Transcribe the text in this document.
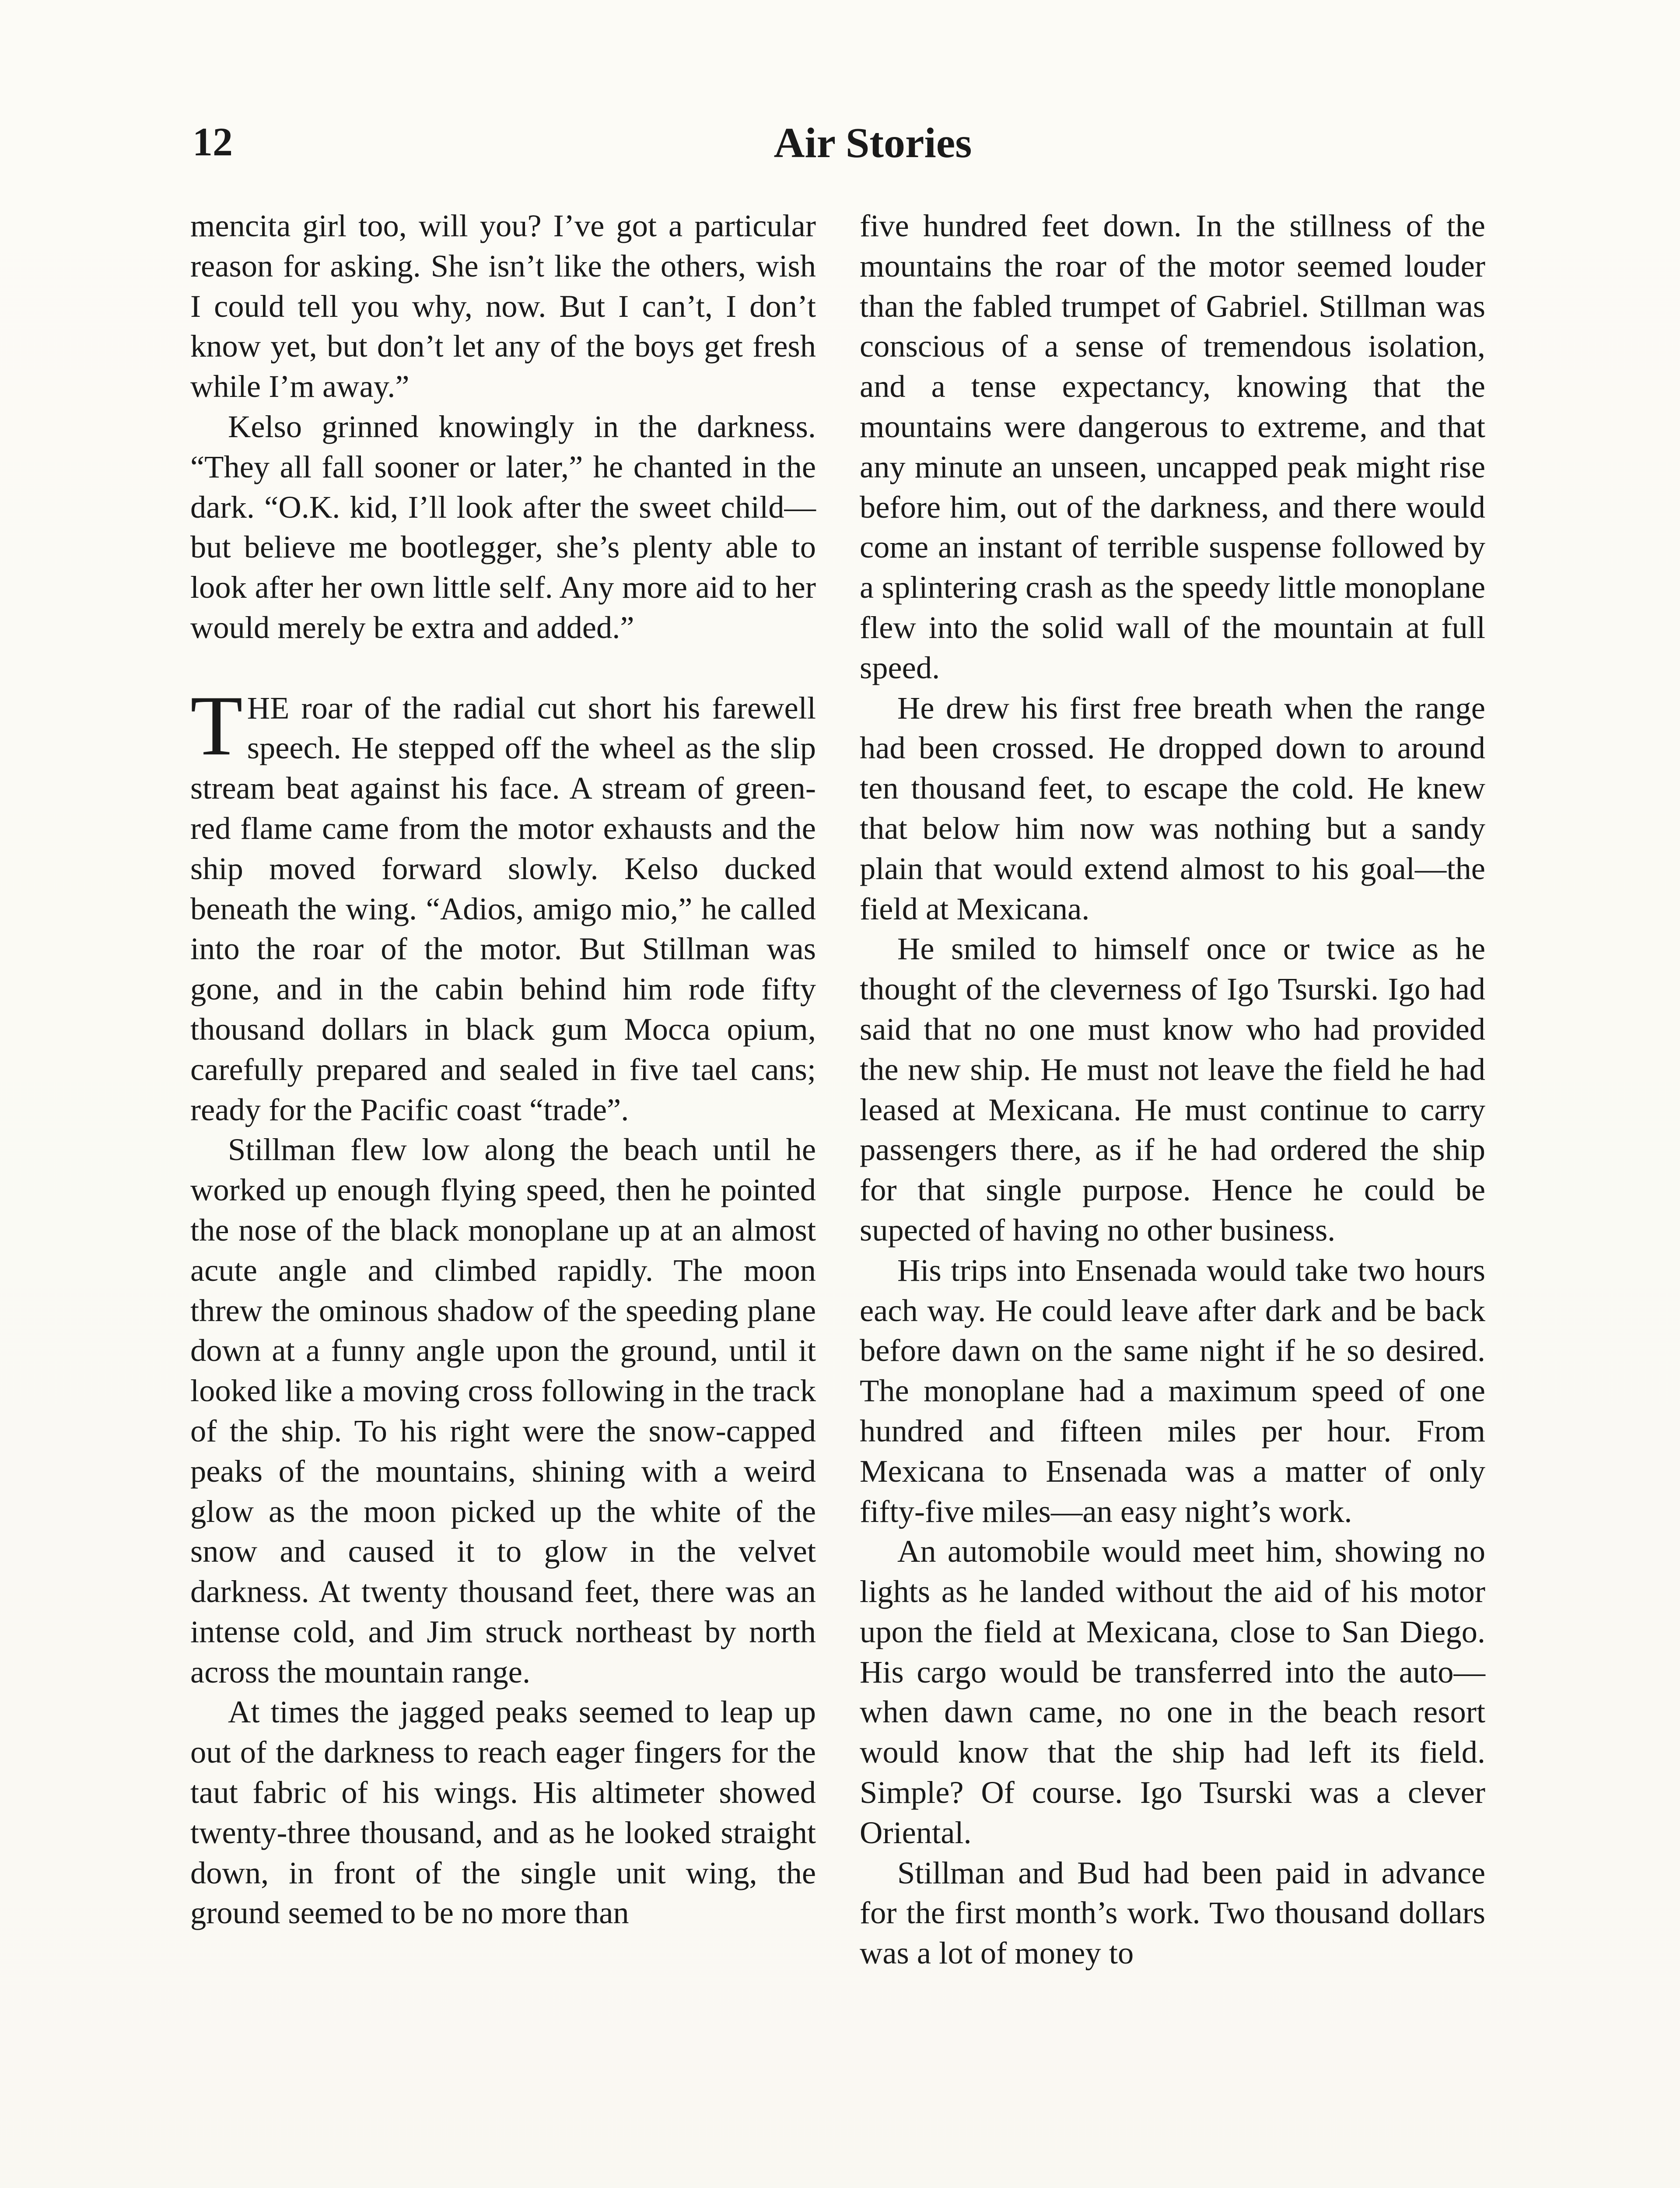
12	Air Stories

mencita girl too, will you? I’ve got a particular reason for asking. She isn’t like the others, wish I could tell you why, now. But I can’t, I don’t know yet, but don’t let any of the boys get fresh while I’m away.”

Kelso grinned knowingly in the darkness. “They all fall sooner or later,” he chanted in the dark. “O.K. kid, I’ll look after the sweet child—but believe me bootlegger, she’s plenty able to look after her own little self. Any more aid to her would merely be extra and added.”

THE roar of the radial cut short his farewell speech. He stepped off the wheel as the slip stream beat against his face. A stream of green-red flame came from the motor exhausts and the ship moved forward slowly. Kelso ducked beneath the wing. “Adios, amigo mio,” he called into the roar of the motor. But Stillman was gone, and in the cabin behind him rode fifty thousand dollars in black gum Mocca opium, carefully prepared and sealed in five tael cans; ready for the Pacific coast “trade”.

Stillman flew low along the beach until he worked up enough flying speed, then he pointed the nose of the black monoplane up at an almost acute angle and climbed rapidly. The moon threw the ominous shadow of the speeding plane down at a funny angle upon the ground, until it looked like a moving cross following in the track of the ship. To his right were the snow-capped peaks of the mountains, shining with a weird glow as the moon picked up the white of the snow and caused it to glow in the velvet darkness. At twenty thousand feet, there was an intense cold, and Jim struck northeast by north across the mountain range.

At times the jagged peaks seemed to leap up out of the darkness to reach eager fingers for the taut fabric of his wings. His altimeter showed twenty-three thousand, and as he looked straight down, in front of the single unit wing, the ground seemed to be no more than

five hundred feet down. In the stillness of the mountains the roar of the motor seemed louder than the fabled trumpet of Gabriel. Stillman was conscious of a sense of tremendous isolation, and a tense expectancy, knowing that the mountains were dangerous to extreme, and that any minute an unseen, uncapped peak might rise before him, out of the darkness, and there would come an instant of terrible suspense followed by a splintering crash as the speedy little monoplane flew into the solid wall of the mountain at full speed.

He drew his first free breath when the range had been crossed. He dropped down to around ten thousand feet, to escape the cold. He knew that below him now was nothing but a sandy plain that would extend almost to his goal—the field at Mexicana.

He smiled to himself once or twice as he thought of the cleverness of Igo Tsurski. Igo had said that no one must know who had provided the new ship. He must not leave the field he had leased at Mexicana. He must continue to carry passengers there, as if he had ordered the ship for that single purpose. Hence he could be supected of having no other business.

His trips into Ensenada would take two hours each way. He could leave after dark and be back before dawn on the same night if he so desired. The monoplane had a maximum speed of one hundred and fifteen miles per hour. From Mexicana to Ensenada was a matter of only fifty-five miles—an easy night’s work.

An automobile would meet him, showing no lights as he landed without the aid of his motor upon the field at Mexicana, close to San Diego. His cargo would be transferred into the auto—when dawn came, no one in the beach resort would know that the ship had left its field. Simple? Of course. Igo Tsurski was a clever Oriental.

Stillman and Bud had been paid in advance for the first month’s work. Two thousand dollars was a lot of money to
